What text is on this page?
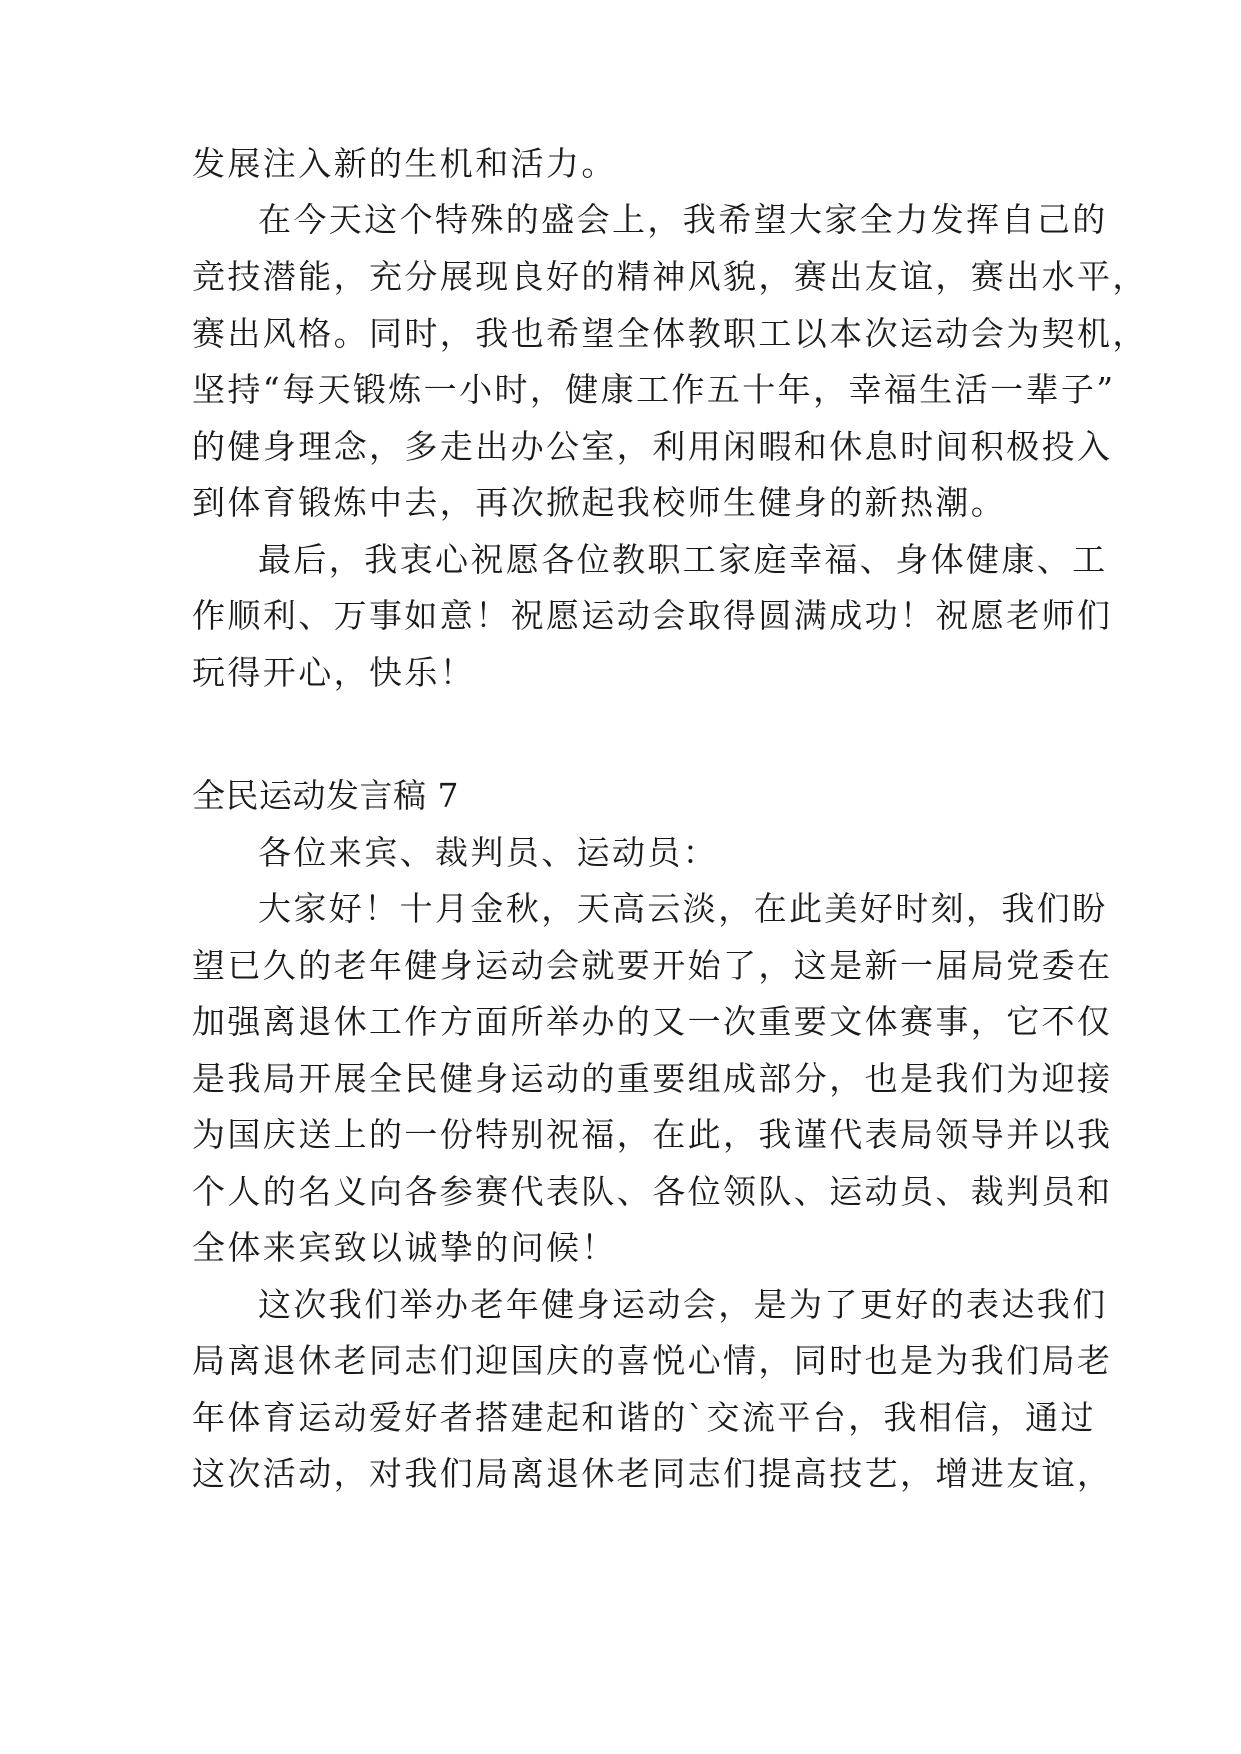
发展注入新的生机和活力。
在今天这个特殊的盛会上，我希望大家全力发挥自己的
竞技潜能，充分展现良好的精神风貌，赛出友谊，赛出水平，
赛出风格。同时，我也希望全体教职工以本次运动会为契机，
坚持“每天锻炼一小时，健康工作五十年，幸福生活一辈子”
的健身理念，多走出办公室，利用闲暇和休息时间积极投入
到体育锻炼中去，再次掀起我校师生健身的新热潮。
最后，我衷心祝愿各位教职工家庭幸福、身体健康、工
作顺利、万事如意！祝愿运动会取得圆满成功！祝愿老师们
玩得开心，快乐！
全民运动发言稿 7
各位来宾、裁判员、运动员：
大家好！十月金秋，天高云淡，在此美好时刻，我们盼
望已久的老年健身运动会就要开始了，这是新一届局党委在
加强离退休工作方面所举办的又一次重要文体赛事，它不仅
是我局开展全民健身运动的重要组成部分，也是我们为迎接
为国庆送上的一份特别祝福，在此，我谨代表局领导并以我
个人的名义向各参赛代表队、各位领队、运动员、裁判员和
全体来宾致以诚挚的问候！
这次我们举办老年健身运动会，是为了更好的表达我们
局离退休老同志们迎国庆的喜悦心情，同时也是为我们局老
年体育运动爱好者搭建起和谐的`交流平台，我相信，通过
这次活动，对我们局离退休老同志们提高技艺，增进友谊，
